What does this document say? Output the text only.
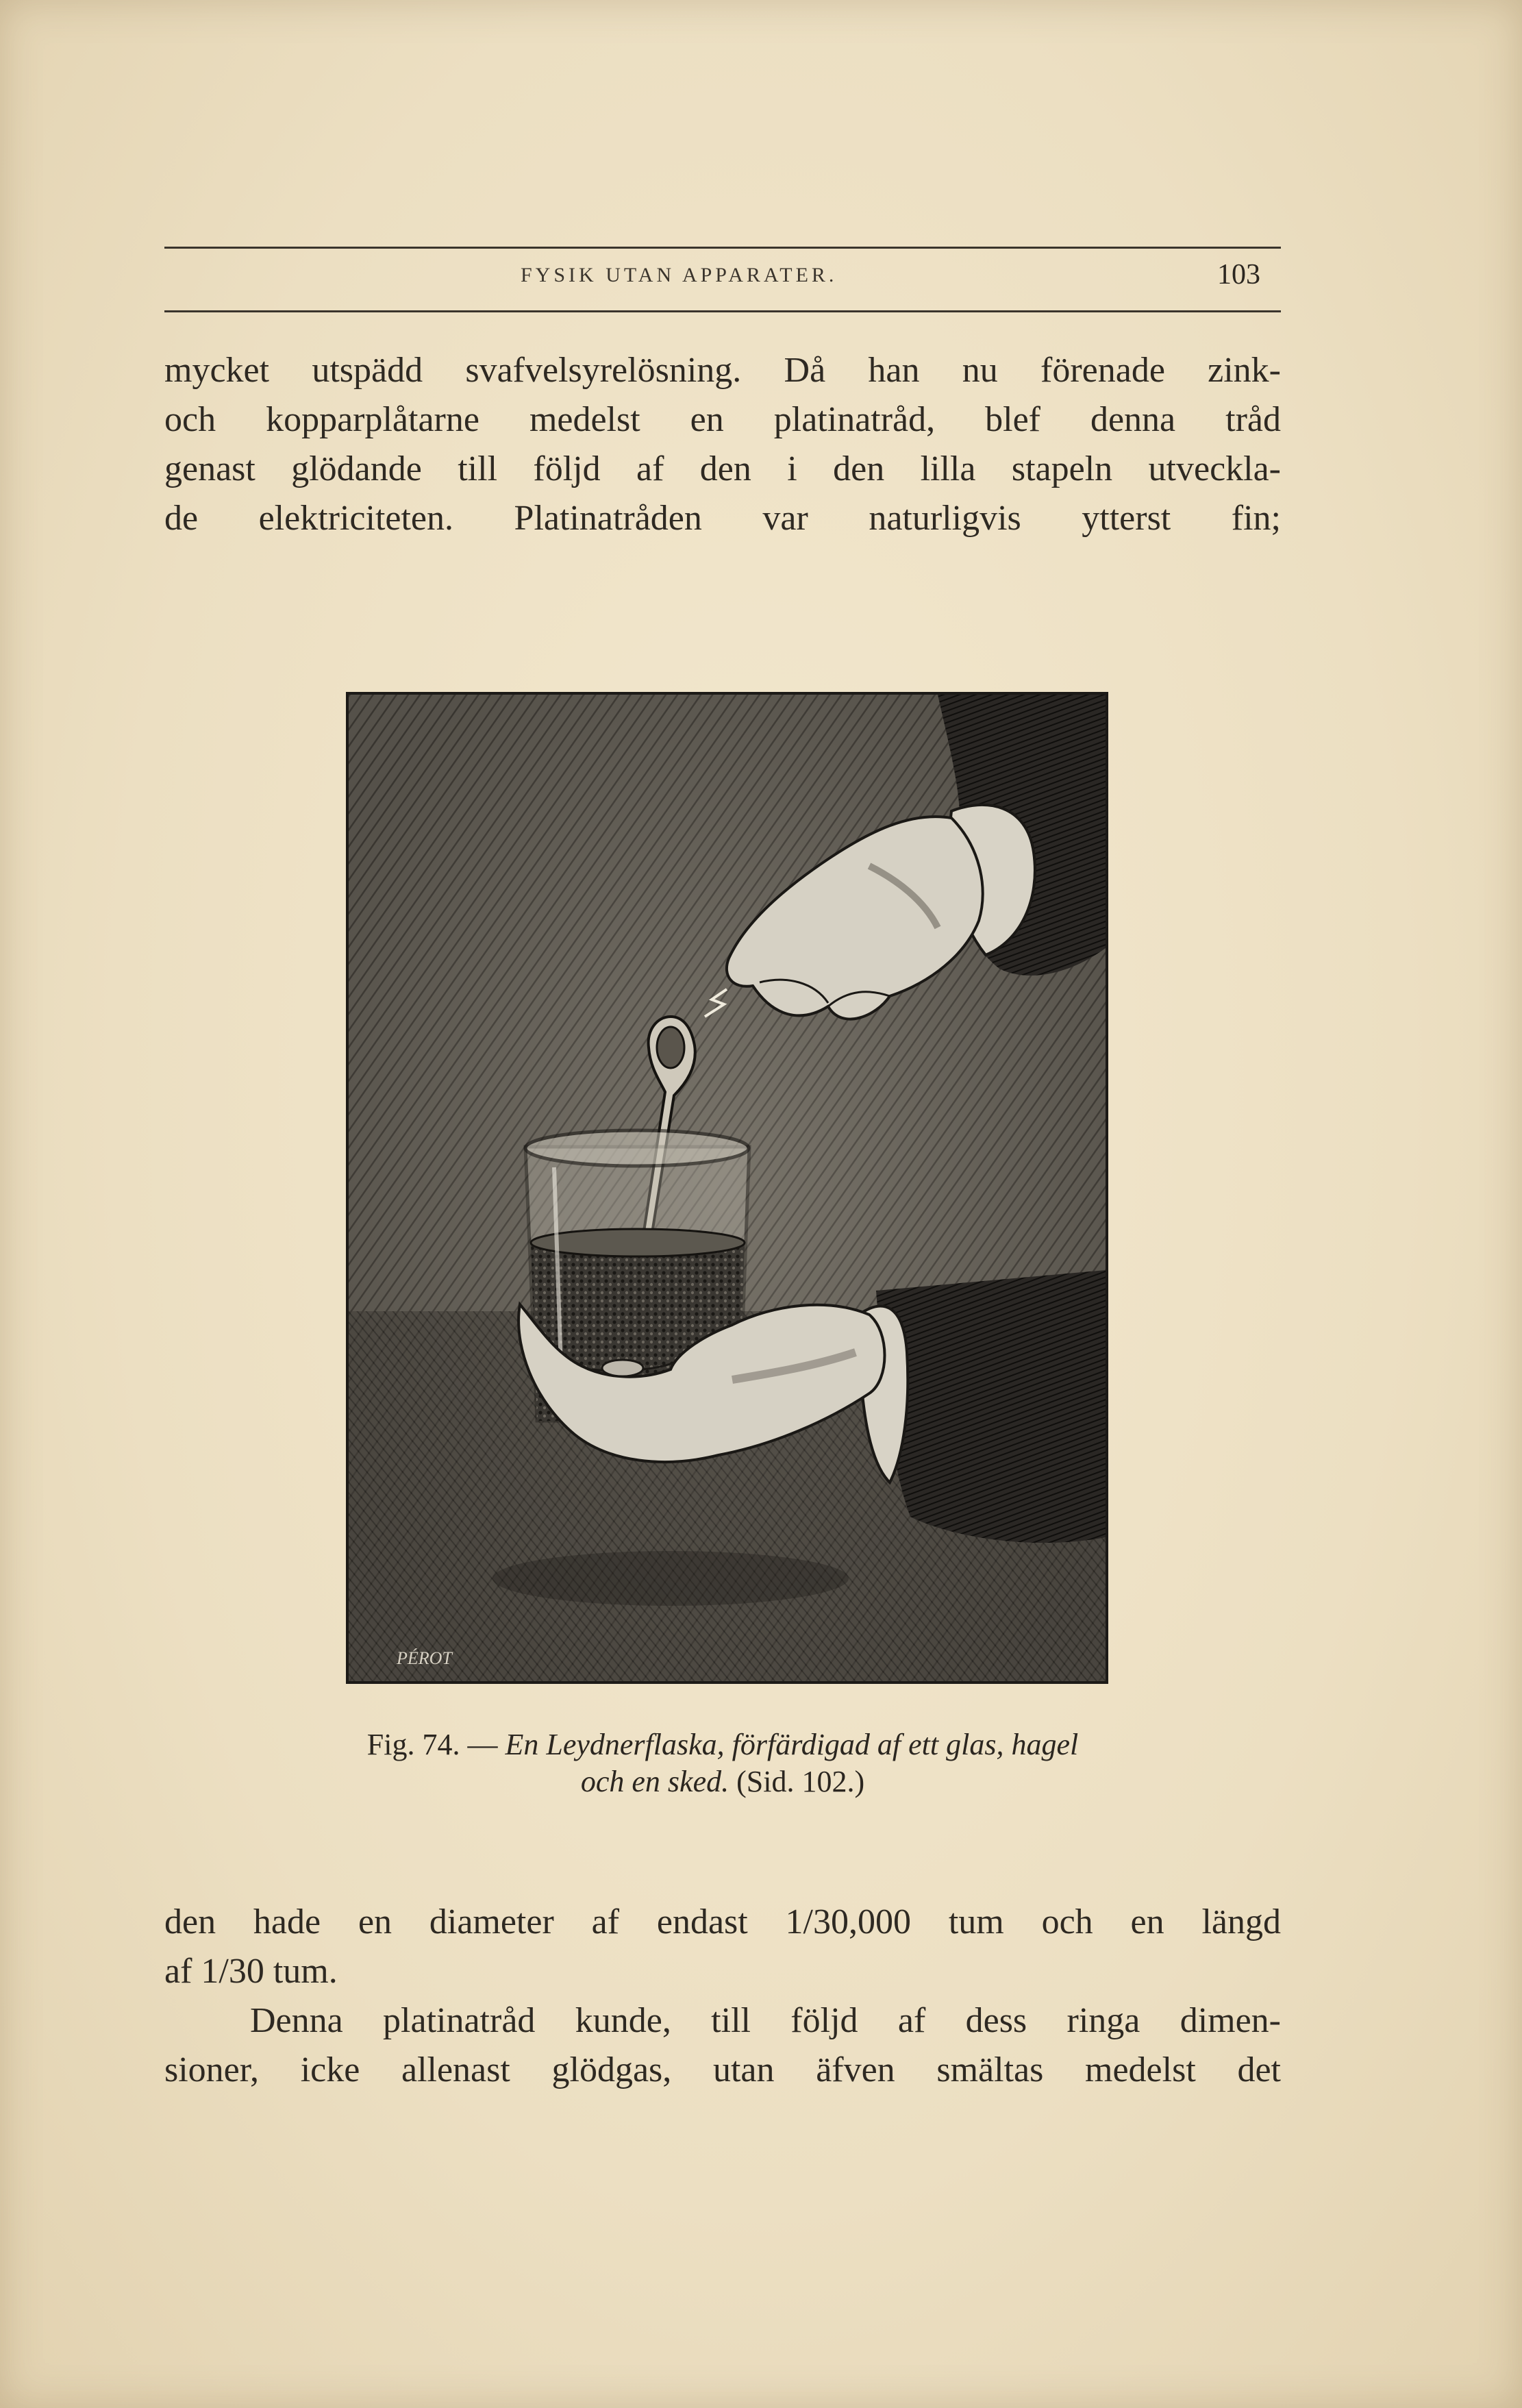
FYSIK UTAN APPARATER.	103
mycket utspädd svafvelsyrelösning. Då han nu förenade zink-
och kopparplåtarne medelst en platinatråd, blef denna tråd
genast glödande till följd af den i den lilla stapeln utveckla-
de elektriciteten. Platinatråden var naturligvis ytterst fin;
PÉROT
Fig. 74. — En Leydnerflaska, förfärdigad af ett glas, hagel
och en sked. (Sid. 102.)
den hade en diameter af endast 1/30,000 tum och en längd
af 1/30 tum.
Denna platinatråd kunde, till följd af dess ringa dimen-
sioner, icke allenast glödgas, utan äfven smältas medelst det
